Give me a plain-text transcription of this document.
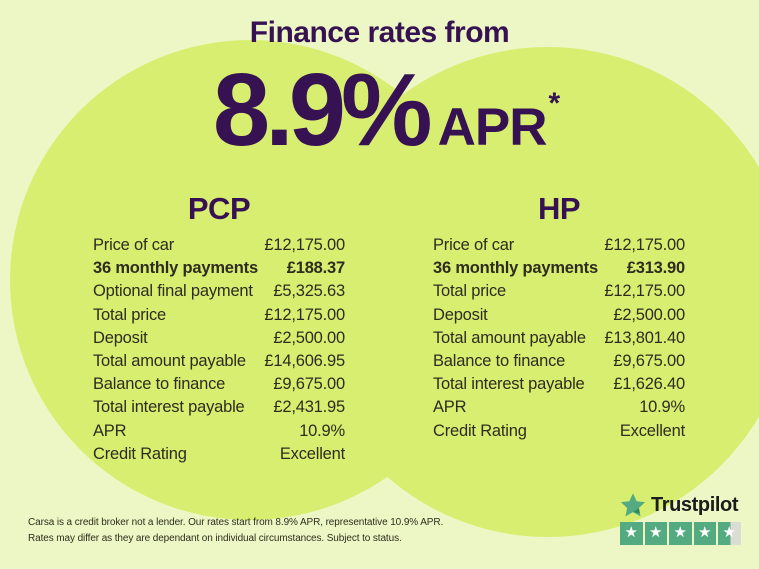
Finance rates from
8.9% APR*
PCP
Price of car	£12,175.00
36 monthly payments £188.37
Optional final payment £5,325.63
Total price	£12,175.00
Deposit	£2,500.00
Total amount payable £14,606.95
Balance to finance	£9,675.00
Total interest payable £2,431.95
APR	10.9%
Credit Rating	Excellent
HP
Price of car	£12,175.00
36 monthly payments £313.90
Total price	£12,175.00
Deposit	£2,500.00
Total amount payable £13,801.40
Balance to finance	£9,675.00
Total interest payable £1,626.40
APR	10.9%
Credit Rating	Excellent
Carsa is a credit broker not a lender. Our rates start from 8.9% APR, representative 10.9% APR.
Rates may differ as they are dependant on individual circumstances. Subject to status.
Trustpilot
★ ★ ★ ★ ★
